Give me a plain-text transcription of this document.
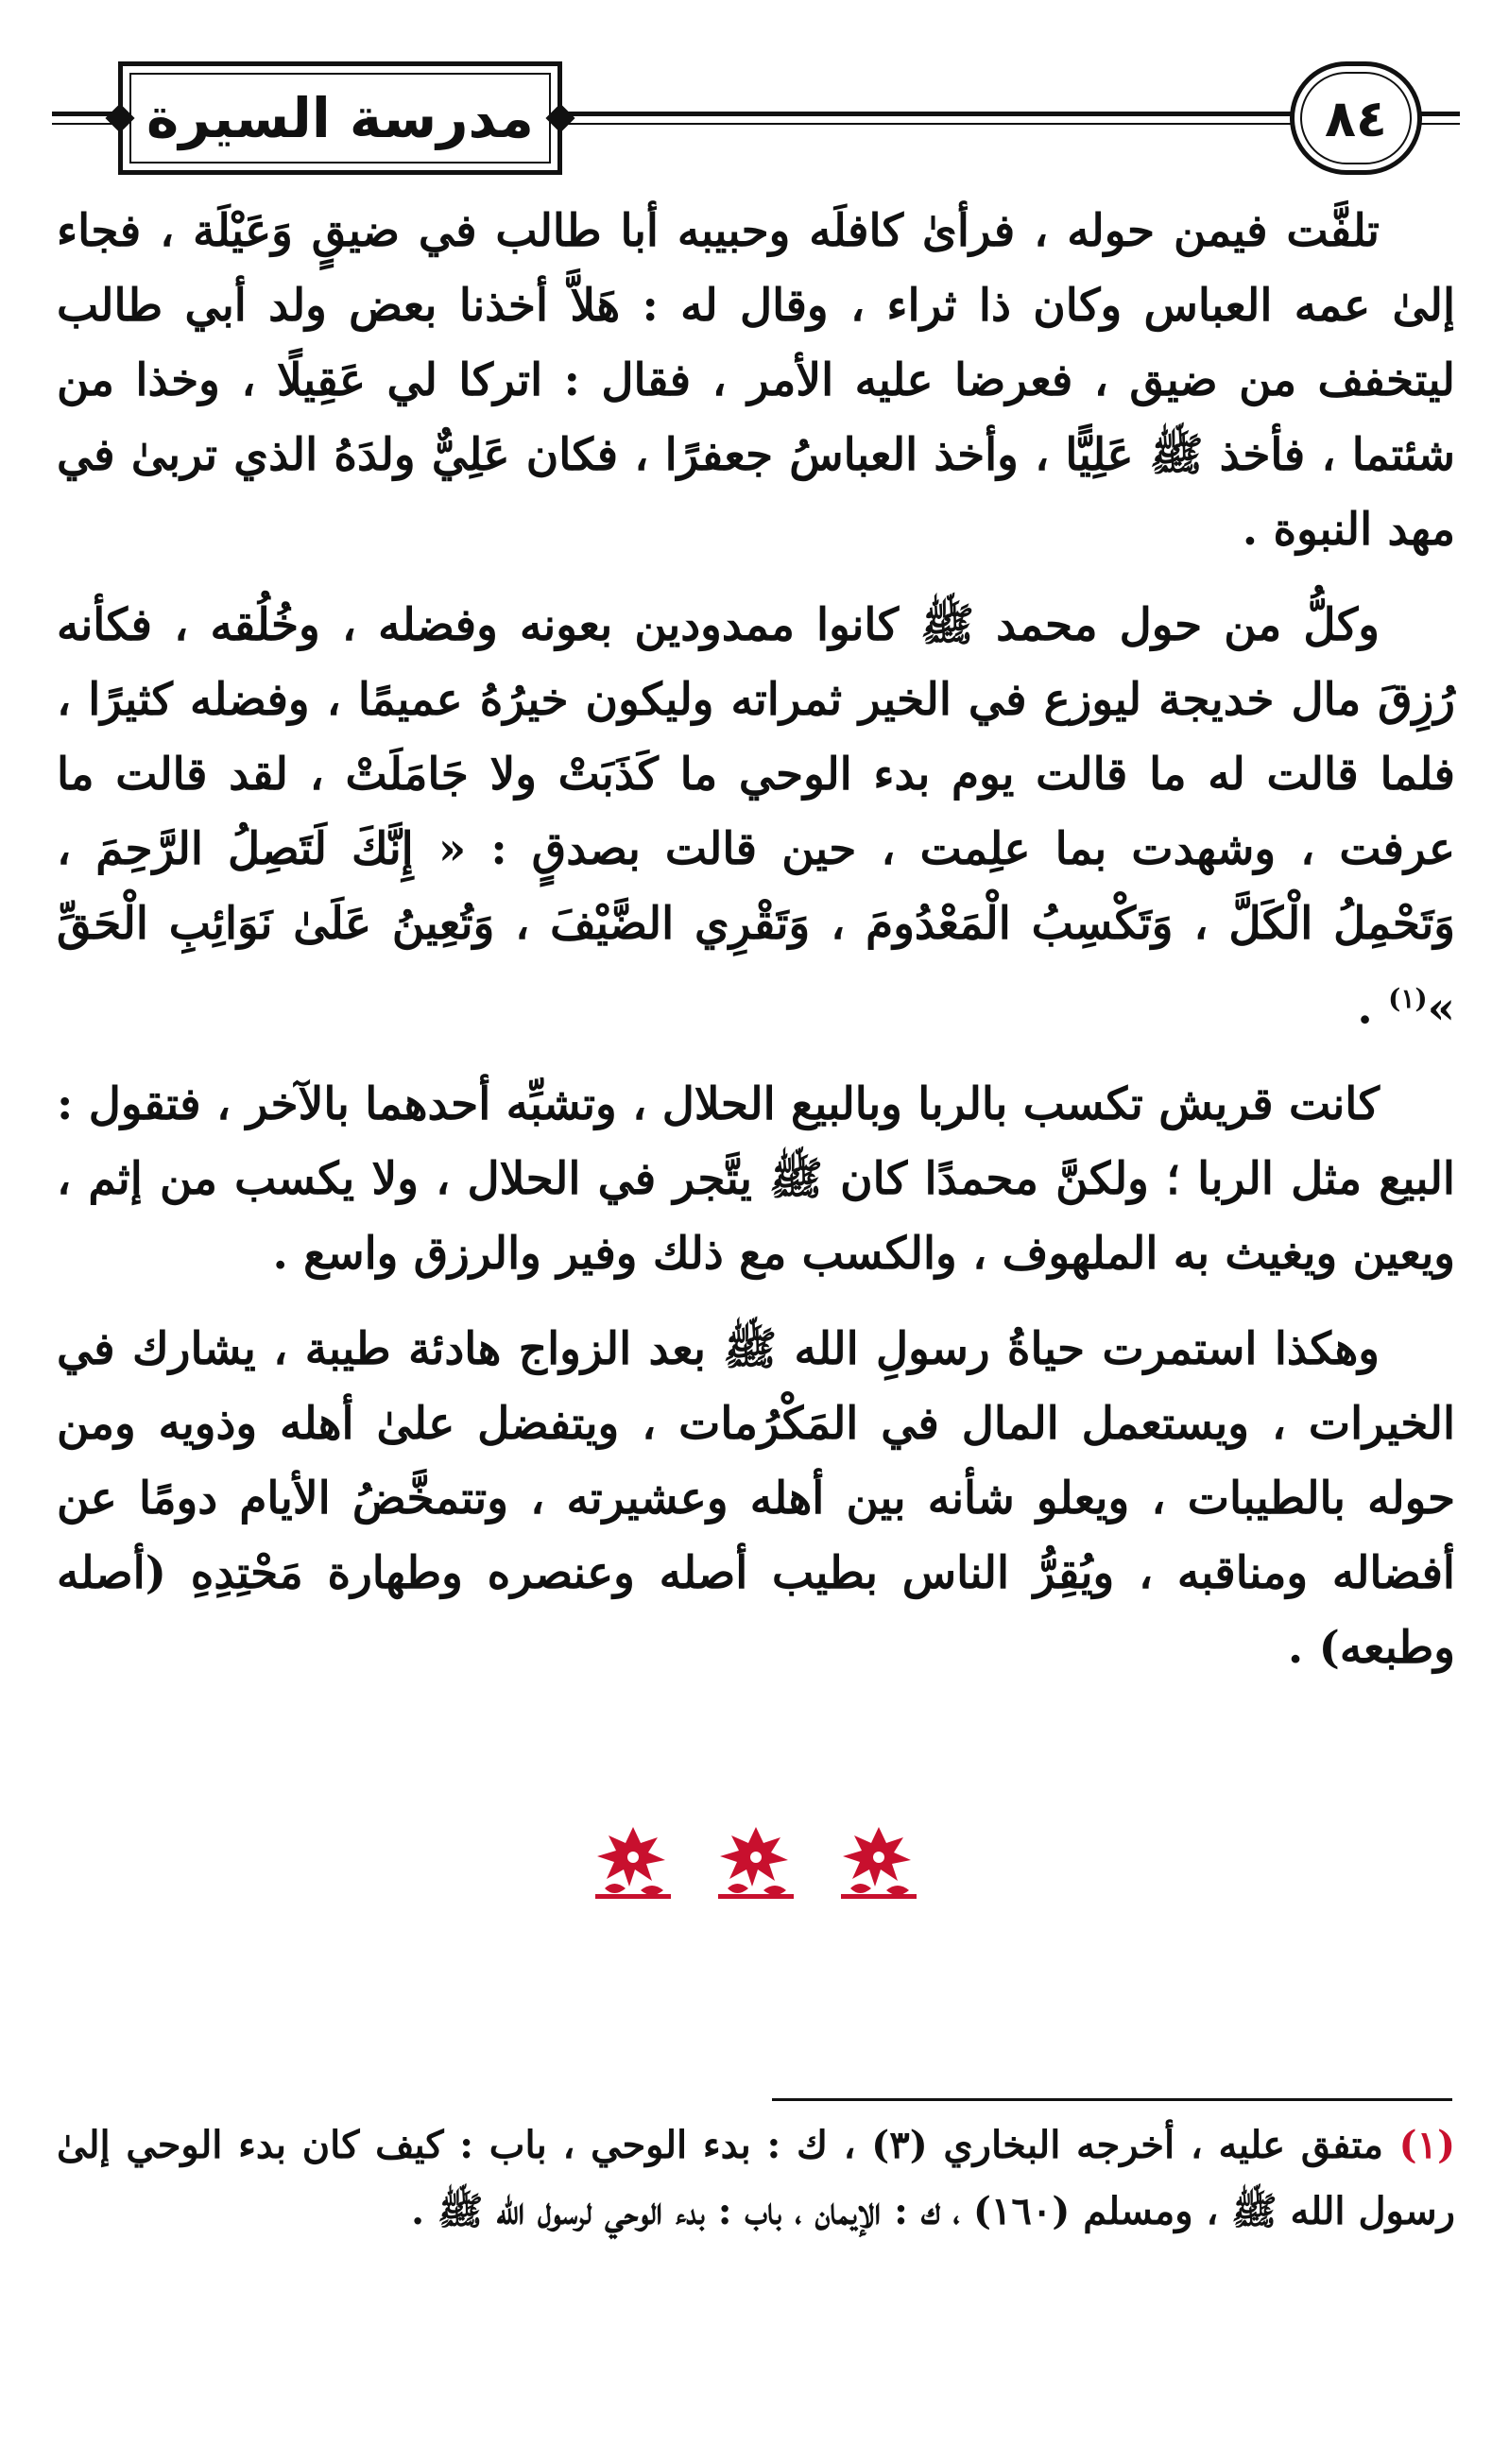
مدرسة السيرة	٨٤

تلفَّت فيمن حوله ، فرأىٰ كافلَه وحبيبه أبا طالب في ضيقٍ وَعَيْلَة ، فجاء إلىٰ عمه العباس وكان ذا ثراء ، وقال له : هَلاَّ أخذنا بعض ولد أبي طالب ليتخفف من ضيق ، فعرضا عليه الأمر ، فقال : اتركا لي عَقِيلًا ، وخذا من شئتما ، فأخذ ﷺ عَلِيًّا ، وأخذ العباسُ جعفرًا ، فكان عَلِيٌّ ولدَهُ الذي تربىٰ في مهد النبوة .

وكلُّ من حول محمد ﷺ كانوا ممدودين بعونه وفضله ، وخُلُقه ، فكأنه رُزِقَ مال خديجة ليوزع في الخير ثمراته وليكون خيرُهُ عميمًا ، وفضله كثيرًا ، فلما قالت له ما قالت يوم بدء الوحي ما كَذَبَتْ ولا جَامَلَتْ ، لقد قالت ما عرفت ، وشهدت بما علِمت ، حين قالت بصدقٍ : « إِنَّكَ لَتَصِلُ الرَّحِمَ ، وَتَحْمِلُ الْكَلَّ ، وَتَكْسِبُ الْمَعْدُومَ ، وَتَقْرِي الضَّيْفَ ، وَتُعِينُ عَلَىٰ نَوَائِبِ الْحَقِّ »$^{(١)}$ .

كانت قريش تكسب بالربا وبالبيع الحلال ، وتشبِّه أحدهما بالآخر ، فتقول : البيع مثل الربا ؛ ولكنَّ محمدًا كان ﷺ يتَّجر في الحلال ، ولا يكسب من إثم ، ويعين ويغيث به الملهوف ، والكسب مع ذلك وفير والرزق واسع .

وهكذا استمرت حياةُ رسولِ الله ﷺ بعد الزواج هادئة طيبة ، يشارك في الخيرات ، ويستعمل المال في المَكْرُمات ، ويتفضل علىٰ أهله وذويه ومن حوله بالطيبات ، ويعلو شأنه بين أهله وعشيرته ، وتتمخَّضُ الأيام دومًا عن أفضاله ومناقبه ، ويُقِرُّ الناس بطيب أصله وعنصره وطهارة مَحْتِدِهِ (أصله وطبعه) .

(١) متفق عليه ، أخرجه البخاري (٣) ، ك : بدء الوحي ، باب : كيف كان بدء الوحي إلىٰ رسول الله ﷺ ، ومسلم (١٦٠) ، ك : الإيمان ، باب : بدء الوحي لرسول الله ﷺ .
